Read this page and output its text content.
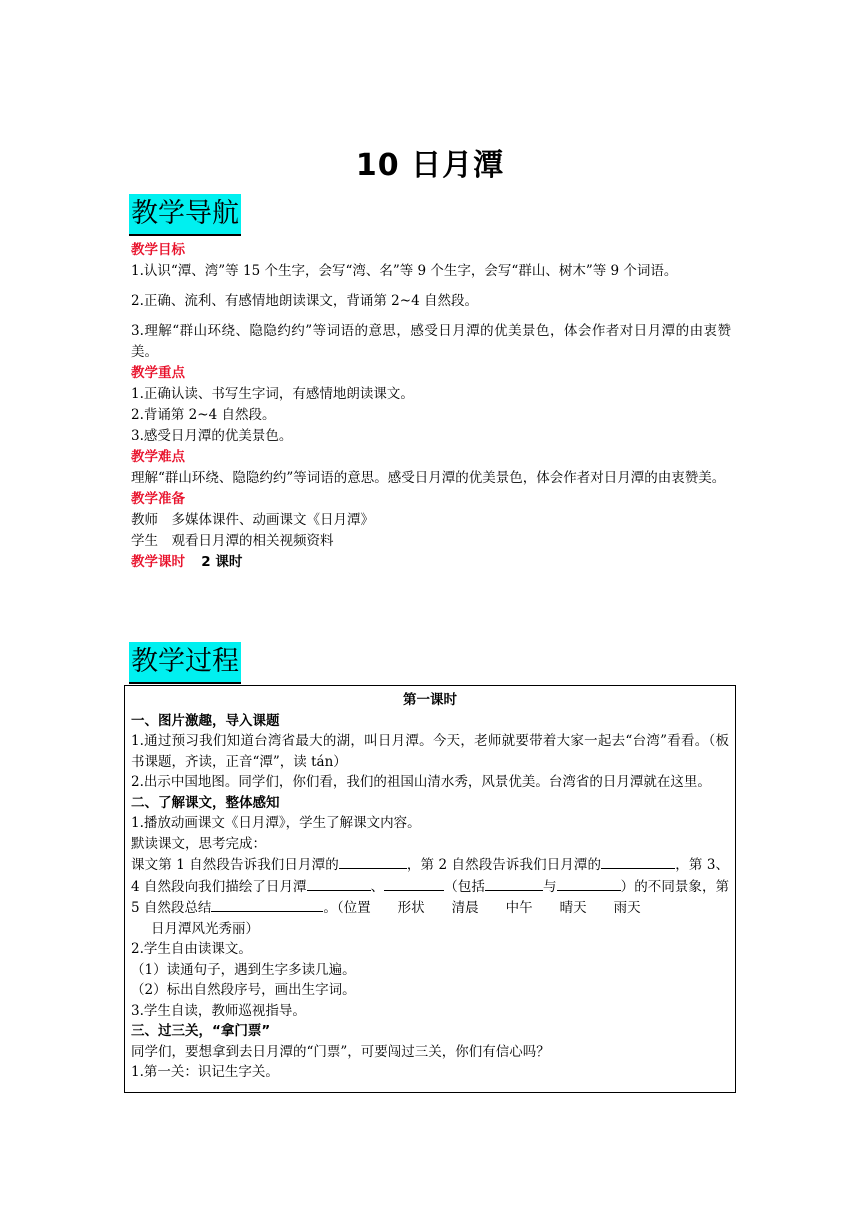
10 日月潭
教学导航
教学目标
1.认识“潭、湾”等 15 个生字，会写“湾、名”等 9 个生字，会写“群山、树木”等 9 个词语。
2.正确、流利、有感情地朗读课文，背诵第 2~4 自然段。
3.理解“群山环绕、隐隐约约”等词语的意思，感受日月潭的优美景色，体会作者对日月潭的由衷赞美。
教学重点
1.正确认读、书写生字词，有感情地朗读课文。
2.背诵第 2~4 自然段。
3.感受日月潭的优美景色。
教学难点
理解“群山环绕、隐隐约约”等词语的意思。感受日月潭的优美景色，体会作者对日月潭的由衷赞美。
教学准备
教师　多媒体课件、动画课文《日月潭》
学生　观看日月潭的相关视频资料
教学课时 2 课时
教学过程
第一课时
一、图片激趣，导入课题
1.通过预习我们知道台湾省最大的湖，叫日月潭。今天，老师就要带着大家一起去“台湾”看看。（板书课题，齐读，正音“潭”，读 tán）
2.出示中国地图。同学们，你们看，我们的祖国山清水秀，风景优美。台湾省的日月潭就在这里。
二、了解课文，整体感知
1.播放动画课文《日月潭》，学生了解课文内容。
默读课文，思考完成：
课文第 1 自然段告诉我们日月潭的	，第 2 自然段告诉我们日月潭的	，第 3、4 自然段向我们描绘了日月潭	、	（包括	与	）的不同景象，第 5 自然段总结	。（位置　　形状　　清晨　　中午　　晴天　　雨天
日月潭风光秀丽）
2.学生自由读课文。
（1）读通句子，遇到生字多读几遍。
（2）标出自然段序号，画出生字词。
3.学生自读，教师巡视指导。
三、过三关，“拿门票”
同学们，要想拿到去日月潭的“门票”，可要闯过三关，你们有信心吗？
1.第一关：识记生字关。
